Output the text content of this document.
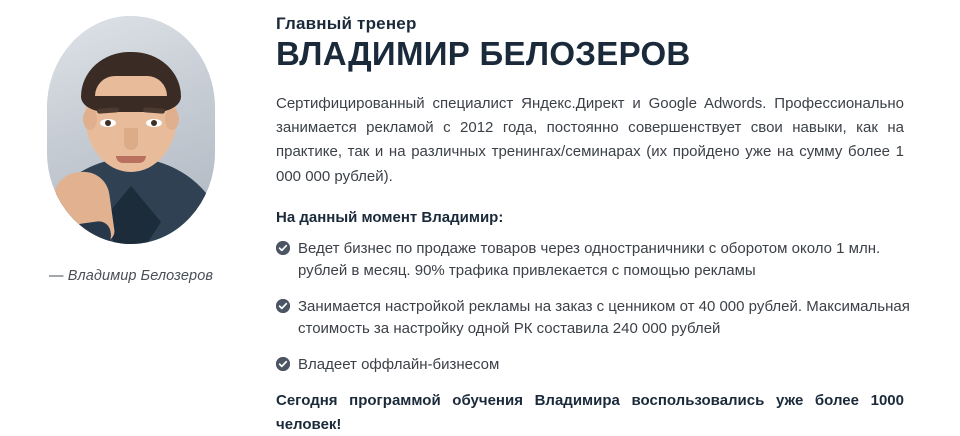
— Владимир Белозеров
Главный тренер
ВЛАДИМИР БЕЛОЗЕРОВ

Сертифицированный специалист Яндекс.Директ и Google Adwords. Профессионально занимается рекламой с 2012 года, постоянно совершенствует свои навыки, как на практике, так и на различных тренингах/семинарах (их пройдено уже на сумму более 1 000 000 рублей).

На данный момент Владимир:
Ведет бизнес по продаже товаров через одностраничники с оборотом около 1 млн. рублей в месяц. 90% трафика привлекается с помощью рекламы
Занимается настройкой рекламы на заказ с ценником от 40 000 рублей. Максимальная стоимость за настройку одной РК составила 240 000 рублей
Владеет оффлайн-бизнесом

Сегодня программой обучения Владимира воспользовались уже более 1000 человек!
